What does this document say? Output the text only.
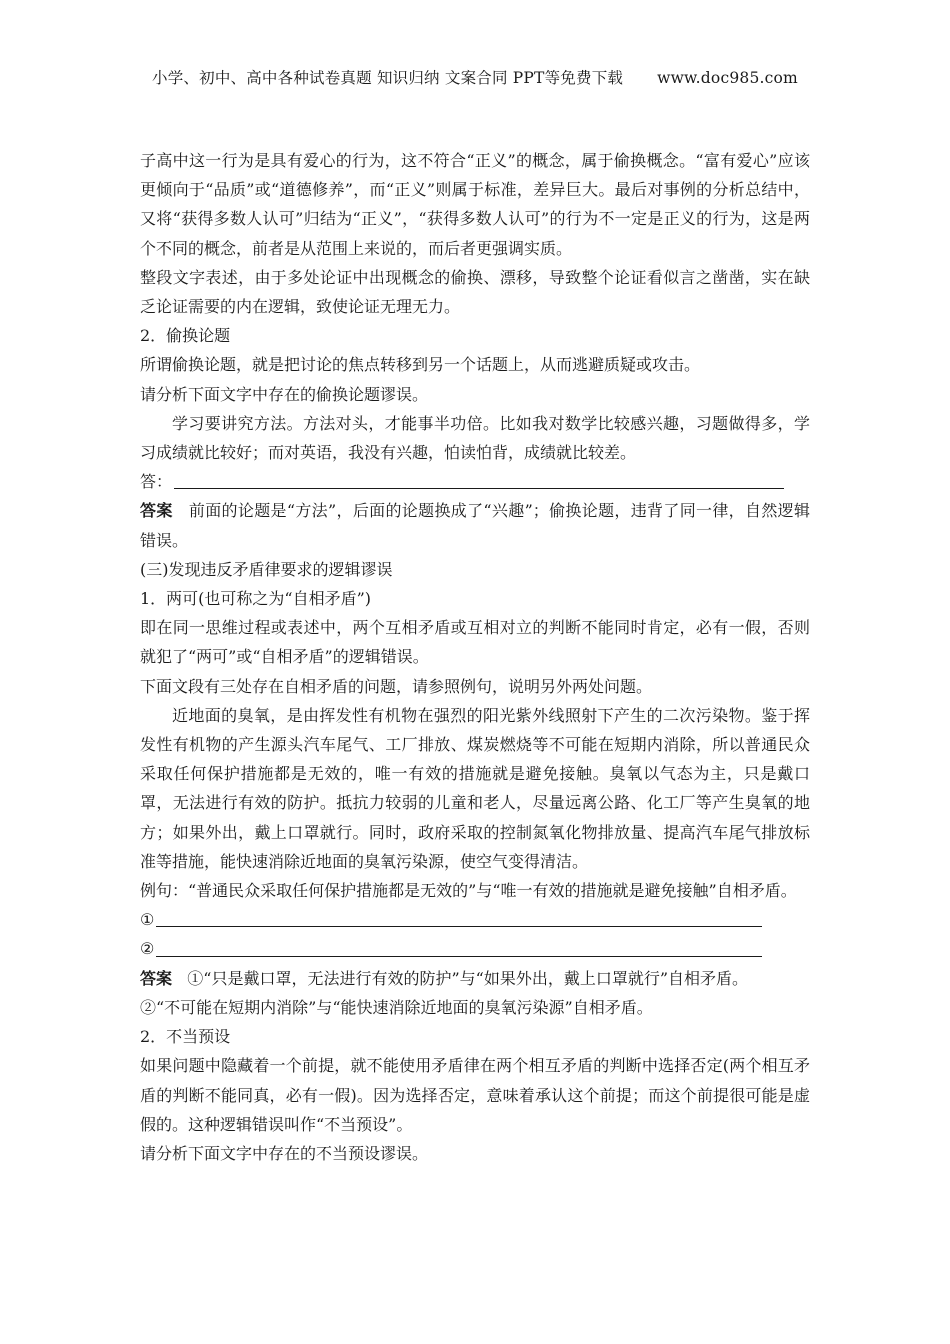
小学、初中、高中各种试卷真题 知识归纳 文案合同 PPT等免费下载 www.doc985.com

子高中这一行为是具有爱心的行为，这不符合“正义”的概念，属于偷换概念。“富有爱心”应该更倾向于“品质”或“道德修养”，而“正义”则属于标准，差异巨大。最后对事例的分析总结中，又将“获得多数人认可”归结为“正义”，“获得多数人认可”的行为不一定是正义的行为，这是两个不同的概念，前者是从范围上来说的，而后者更强调实质。

整段文字表述，由于多处论证中出现概念的偷换、漂移，导致整个论证看似言之凿凿，实在缺乏论证需要的内在逻辑，致使论证无理无力。

2．偷换论题

所谓偷换论题，就是把讨论的焦点转移到另一个话题上，从而逃避质疑或攻击。

请分析下面文字中存在的偷换论题谬误。

学习要讲究方法。方法对头，才能事半功倍。比如我对数学比较感兴趣，习题做得多，学习成绩就比较好；而对英语，我没有兴趣，怕读怕背，成绩就比较差。

答：

答案 前面的论题是“方法”，后面的论题换成了“兴趣”；偷换论题，违背了同一律，自然逻辑错误。

(三)发现违反矛盾律要求的逻辑谬误

1．两可(也可称之为“自相矛盾”)

即在同一思维过程或表述中，两个互相矛盾或互相对立的判断不能同时肯定，必有一假，否则就犯了“两可”或“自相矛盾”的逻辑错误。

下面文段有三处存在自相矛盾的问题，请参照例句，说明另外两处问题。

近地面的臭氧，是由挥发性有机物在强烈的阳光紫外线照射下产生的二次污染物。鉴于挥发性有机物的产生源头汽车尾气、工厂排放、煤炭燃烧等不可能在短期内消除，所以普通民众采取任何保护措施都是无效的，唯一有效的措施就是避免接触。臭氧以气态为主，只是戴口罩，无法进行有效的防护。抵抗力较弱的儿童和老人，尽量远离公路、化工厂等产生臭氧的地方；如果外出，戴上口罩就行。同时，政府采取的控制氮氧化物排放量、提高汽车尾气排放标准等措施，能快速消除近地面的臭氧污染源，使空气变得清洁。

例句：“普通民众采取任何保护措施都是无效的”与“唯一有效的措施就是避免接触”自相矛盾。

①

②

答案 ①“只是戴口罩，无法进行有效的防护”与“如果外出，戴上口罩就行”自相矛盾。

②“不可能在短期内消除”与“能快速消除近地面的臭氧污染源”自相矛盾。

2．不当预设

如果问题中隐藏着一个前提，就不能使用矛盾律在两个相互矛盾的判断中选择否定(两个相互矛盾的判断不能同真，必有一假)。因为选择否定，意味着承认这个前提；而这个前提很可能是虚假的。这种逻辑错误叫作“不当预设”。

请分析下面文字中存在的不当预设谬误。
